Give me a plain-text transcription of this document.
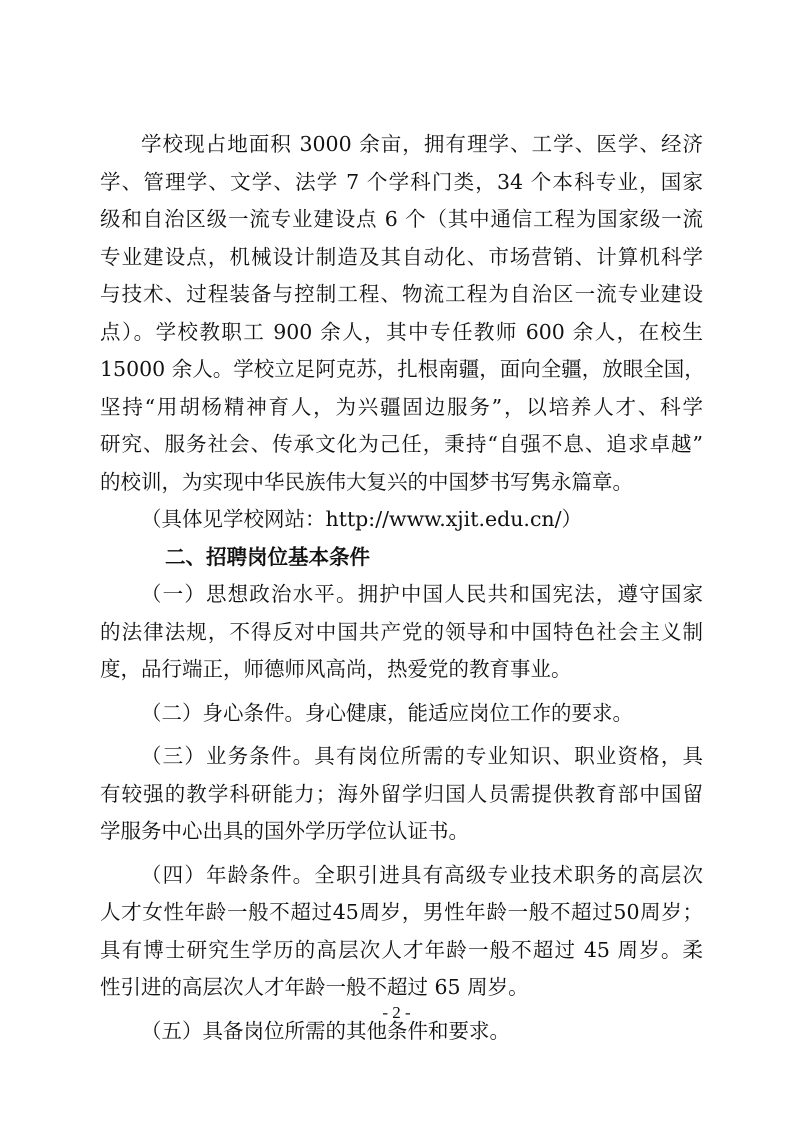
学校现占地面积 3000 余亩，拥有理学、工学、医学、经济
学、管理学、文学、法学 7 个学科门类，34 个本科专业，国家
级和自治区级一流专业建设点 6 个（其中通信工程为国家级一流
专业建设点，机械设计制造及其自动化、市场营销、计算机科学
与技术、过程装备与控制工程、物流工程为自治区一流专业建设
点）。学校教职工 900 余人，其中专任教师 600 余人，在校生
15000 余人。学校立足阿克苏，扎根南疆，面向全疆，放眼全国，
坚持“用胡杨精神育人，为兴疆固边服务”，以培养人才、科学
研究、服务社会、传承文化为己任，秉持“自强不息、追求卓越”
的校训，为实现中华民族伟大复兴的中国梦书写隽永篇章。
（具体见学校网站：http://www.xjit.edu.cn/）
二、招聘岗位基本条件
（一）思想政治水平。拥护中国人民共和国宪法，遵守国家
的法律法规，不得反对中国共产党的领导和中国特色社会主义制
度，品行端正，师德师风高尚，热爱党的教育事业。
（二）身心条件。身心健康，能适应岗位工作的要求。
（三）业务条件。具有岗位所需的专业知识、职业资格，具
有较强的教学科研能力；海外留学归国人员需提供教育部中国留
学服务中心出具的国外学历学位认证书。
（四）年龄条件。全职引进具有高级专业技术职务的高层次
人才女性年龄一般不超过45周岁，男性年龄一般不超过50周岁；
具有博士研究生学历的高层次人才年龄一般不超过 45 周岁。柔
性引进的高层次人才年龄一般不超过 65 周岁。
（五）具备岗位所需的其他条件和要求。
- 2 -
